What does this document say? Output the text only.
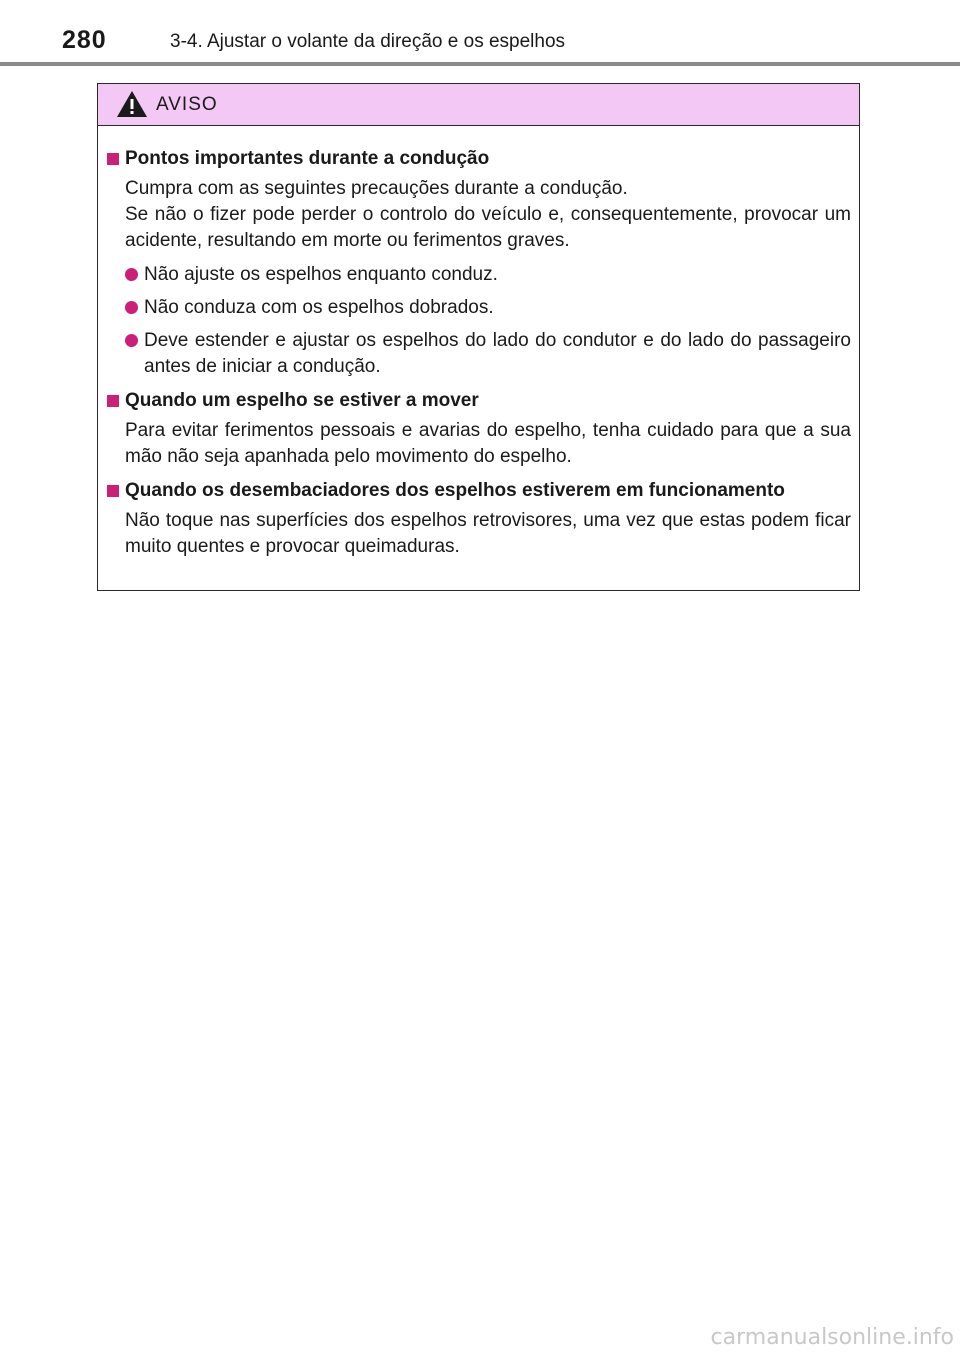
280	3-4. Ajustar o volante da direção e os espelhos
AVISO
Pontos importantes durante a condução
Cumpra com as seguintes precauções durante a condução.
Se não o fizer pode perder o controlo do veículo e, consequentemente, provocar um acidente, resultando em morte ou ferimentos graves.
Não ajuste os espelhos enquanto conduz.
Não conduza com os espelhos dobrados.
Deve estender e ajustar os espelhos do lado do condutor e do lado do passageiro antes de iniciar a condução.
Quando um espelho se estiver a mover
Para evitar ferimentos pessoais e avarias do espelho, tenha cuidado para que a sua mão não seja apanhada pelo movimento do espelho.
Quando os desembaciadores dos espelhos estiverem em funcionamento
Não toque nas superfícies dos espelhos retrovisores, uma vez que estas podem ficar muito quentes e provocar queimaduras.
carmanualsonline.info
